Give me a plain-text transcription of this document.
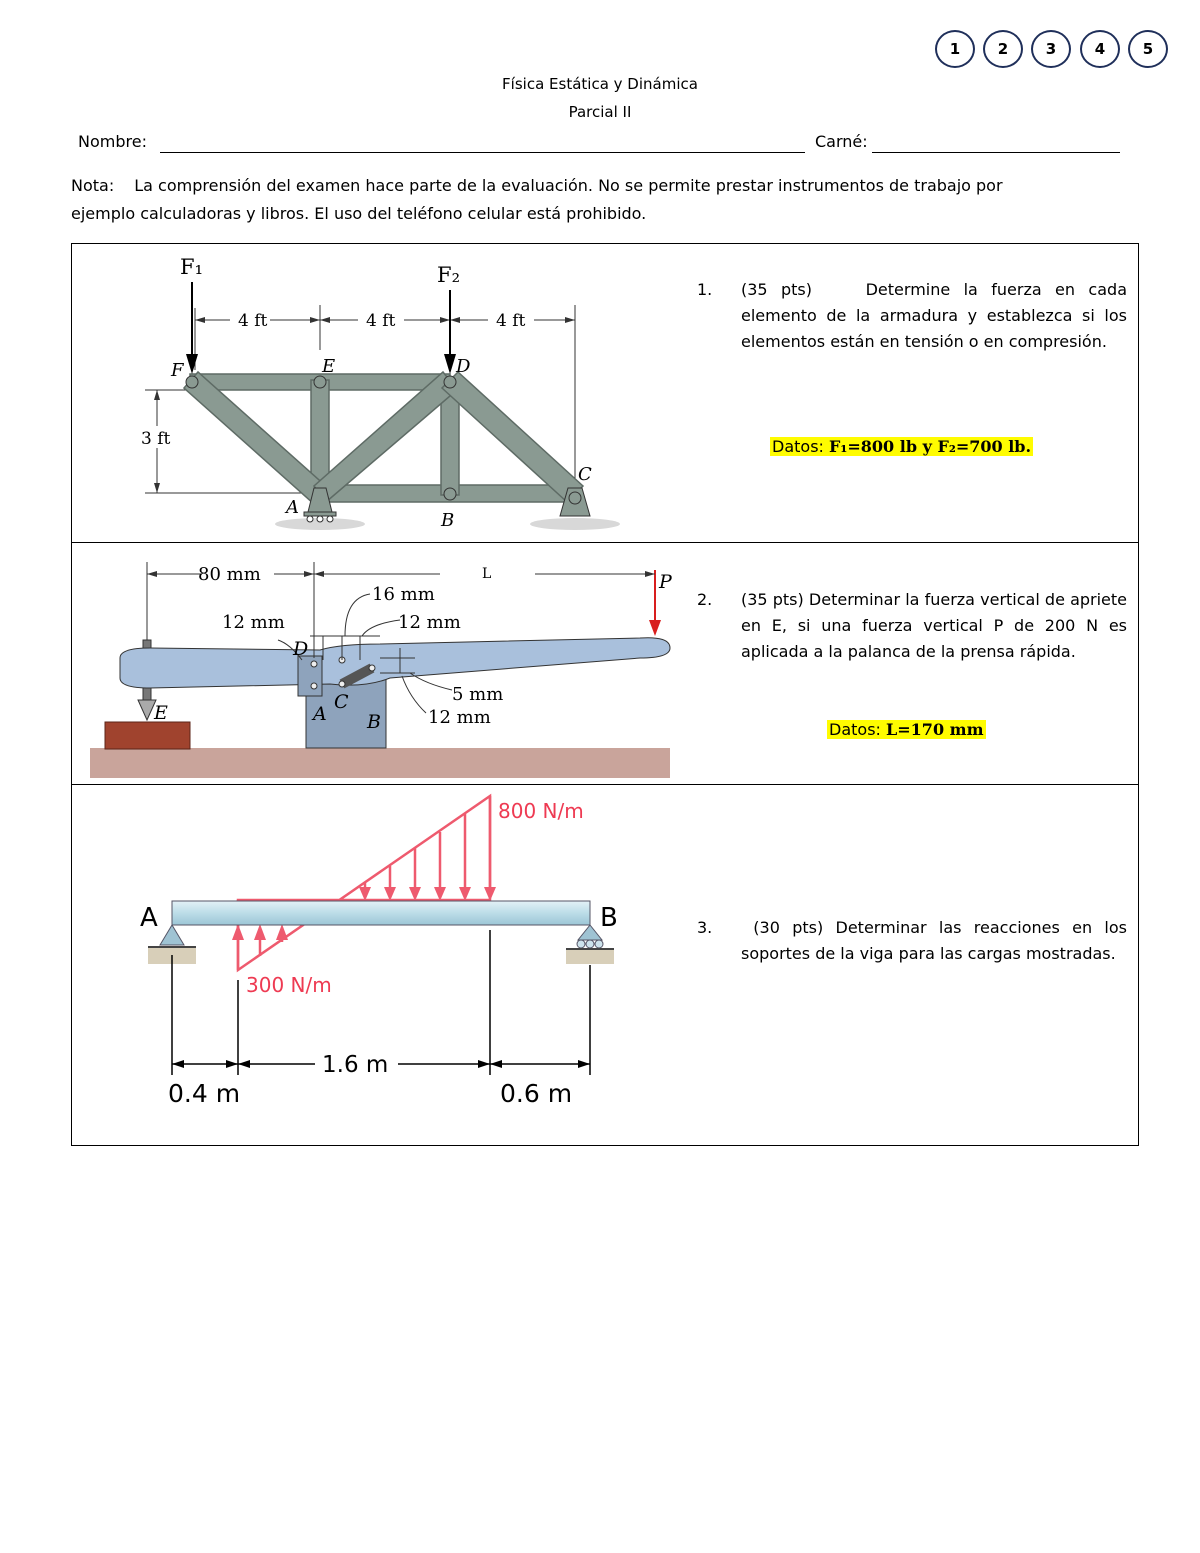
1	2	3	4	5
Física Estática y Dinámica
Parcial II
Nombre:	Carné:
Nota: La comprensión del examen hace parte de la evaluación. No se permite prestar instrumentos de trabajo por
ejemplo calculadoras y libros. El uso del teléfono celular está prohibido.
4 ft	4 ft	4 ft
3 ft
F₁	F₂
F	E	D
C
A
B
1. (35 pts)	Determine la fuerza en cada elemento de la armadura y establezca si los elementos están en tensión o en compresión.
Datos: F₁=800 lb y F₂=700 lb.
80 mm	L
16 mm
12 mm	12 mm
5 mm
12 mm
P
D
C
A B
E
2. (35 pts) Determinar la fuerza vertical de apriete en E, si una fuerza vertical P de 200 N es aplicada a la palanca de la prensa rápida.
Datos: L=170 mm
A	B
800 N/m
300 N/m
1.6 m
0.4 m	0.6 m
3.	(30 pts) Determinar las reacciones en los soportes de la viga para las cargas mostradas.
